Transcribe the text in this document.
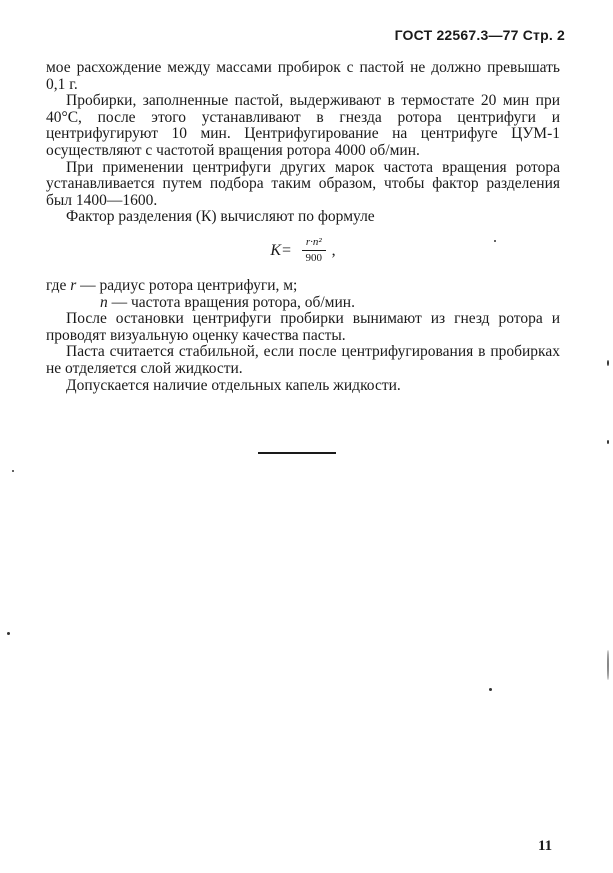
ГОСТ 22567.3—77 Стр. 2

мое расхождение между массами пробирок с пастой не должно превышать 0,1 г.

Пробирки, заполненные пастой, выдерживают в термостате 20 мин при 40°С, после этого устанавливают в гнезда ротора центрифуги и центрифугируют 10 мин. Центрифугирование на центрифуге ЦУМ-1 осуществляют с частотой вращения ротора 4000 об/мин.

При применении центрифуги других марок частота вращения ротора устанавливается путем подбора таким образом, чтобы фактор разделения был 1400—1600.

Фактор разделения (К) вычисляют по формуле

$K= \frac{\text{r·n²}}{900}$ ,

где r — радиус ротора центрифуги, м;

n — частота вращения ротора, об/мин.

После остановки центрифуги пробирки вынимают из гнезд ротора и проводят визуальную оценку качества пасты.

Паста считается стабильной, если после центрифугирования в пробирках не отделяется слой жидкости.

Допускается наличие отдельных капель жидкости.

11
